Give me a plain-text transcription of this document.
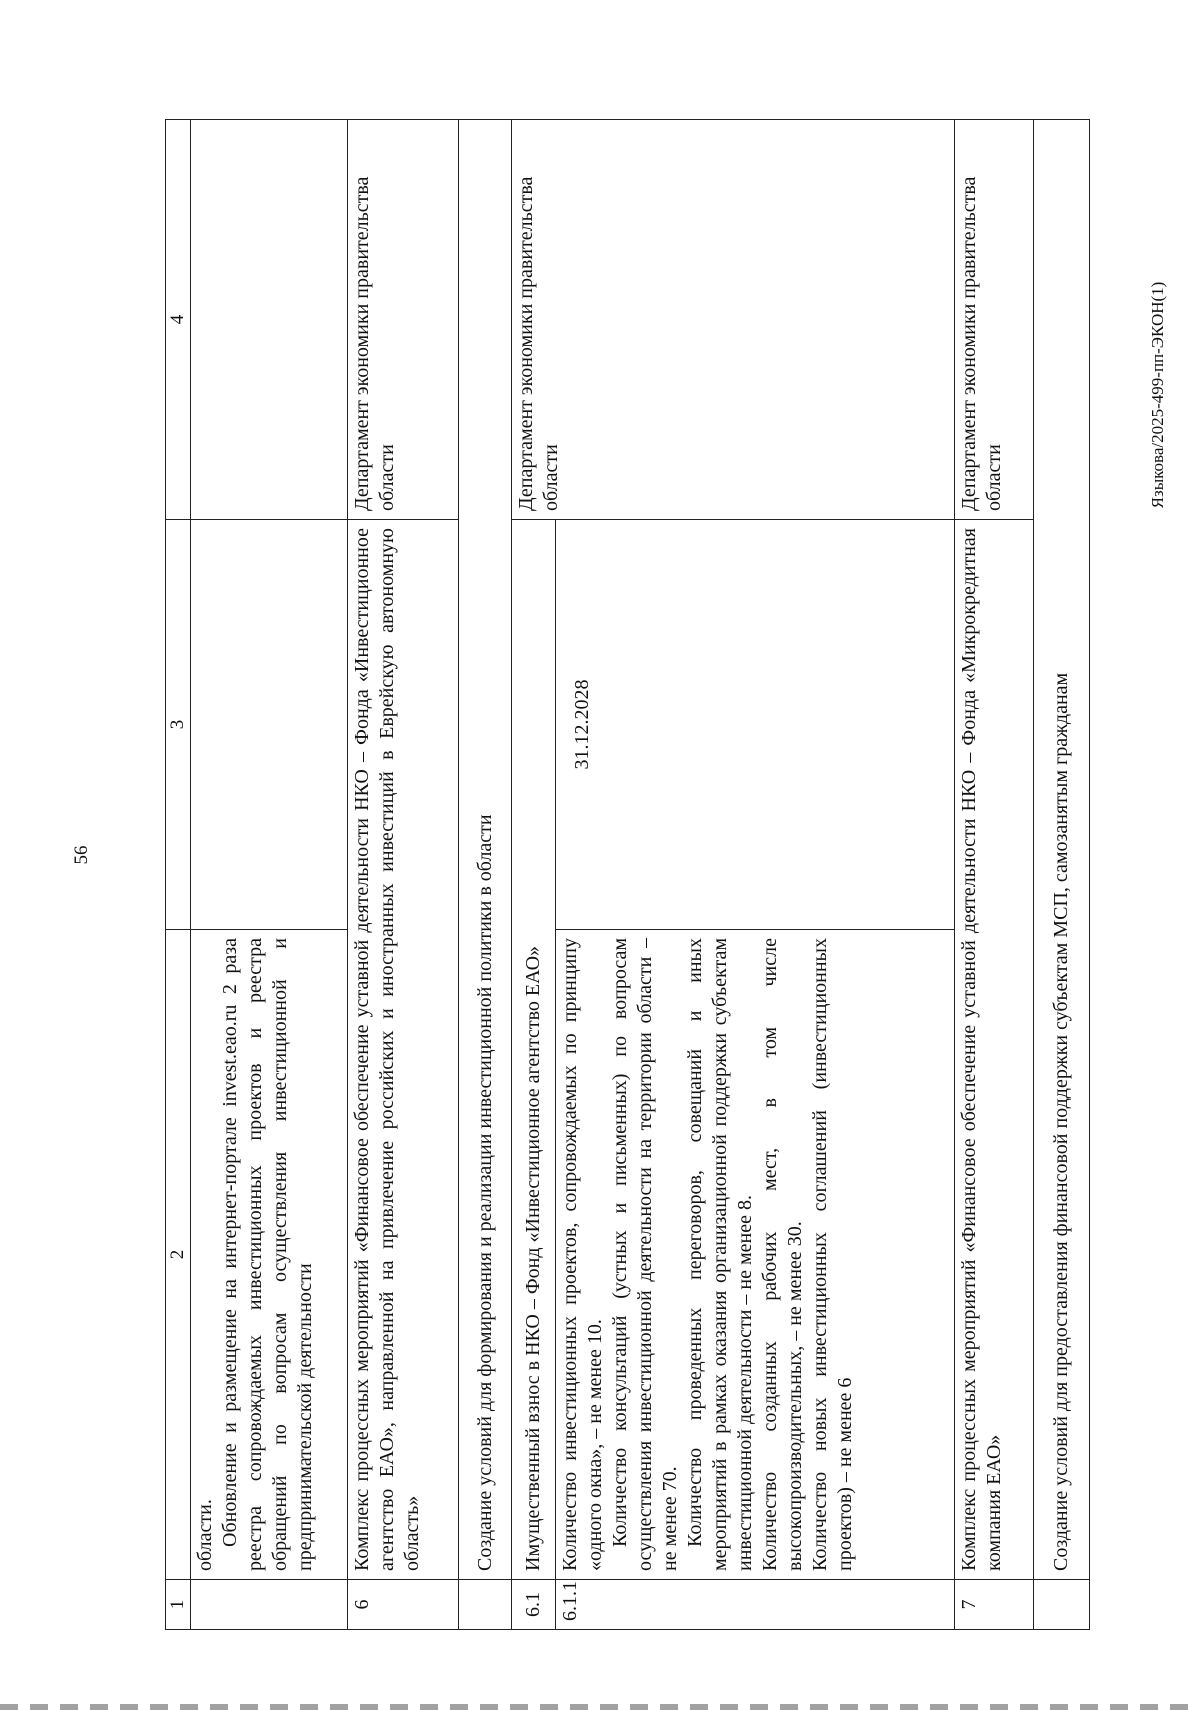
56
Языкова/2025-499-пп-ЭКОН(1)
1	2	3	4

	области. Обновление и размещение на интернет-портале invest.eao.ru 2 раза реестра сопровождаемых инвестиционных проектов и реестра обращений по вопросам осуществления инвестиционной и предпринимательской деятельности		

6	Комплекс процессных мероприятий «Финансовое обеспечение уставной деятельности НКО – Фонда «Инвестиционное агентство ЕАО», направленной на привлечение российских и иностранных инвестиций в Еврейскую автономную область»		Департамент экономики правительства области
	Создание условий для формирования и реализации инвестиционной политики в области		
6.1	Имущественный взнос в НКО – Фонд «Инвестиционное агентство ЕАО»		Департамент экономики правительства области
6.1.1	Количество инвестиционных проектов, сопровождаемых по принципу «одного окна», – не менее 10. Количество консультаций (устных и письменных) по вопросам осуществления инвестиционной деятельности на территории области – не менее 70. Количество проведенных переговоров, совещаний и иных мероприятий в рамках оказания организационной поддержки субъектам инвестиционной деятельности – не менее 8. Количество созданных рабочих мест, в том числе высокопроизводительных, – не менее 30. Количество новых инвестиционных соглашений (инвестиционных проектов) – не менее 6	31.12.2028	
7	Комплекс процессных мероприятий «Финансовое обеспечение уставной деятельности НКО – Фонда «Микрокредитная компания ЕАО»		Департамент экономики правительства области
	Создание условий для предоставления финансовой поддержки субъектам МСП, самозанятым гражданам		
